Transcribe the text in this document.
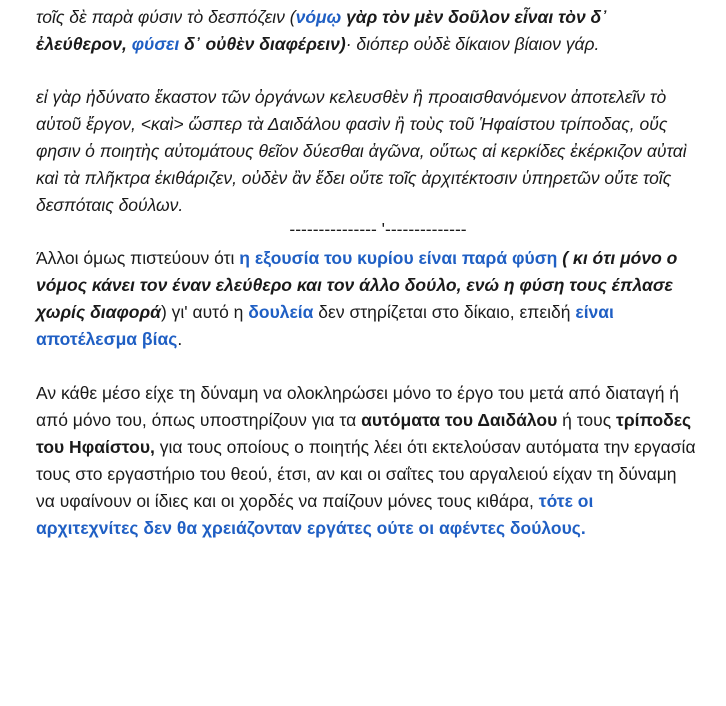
τοῖς δὲ παρὰ φύσιν τὸ δεσπόζειν (νόμῳ γὰρ τὸν μὲν δοῦλον εἶναι τὸν δ᾽ ἐλεύθερον, φύσει δ᾽ οὐθὲν διαφέρειν)· διόπερ οὐδὲ δίκαιον βίαιον γάρ.

εἰ γὰρ ἠδύνατο ἕκαστον τῶν ὀργάνων κελευσθὲν ἢ προαισθανόμενον ἀποτελεῖν τὸ αὑτοῦ ἔργον, <καὶ> ὥσπερ τὰ Δαιδάλου φασὶν ἢ τοὺς τοῦ Ἡφαίστου τρίποδας, οὕς φησιν ὁ ποιητὴς αὐτομάτους θεῖον δύεσθαι ἀγῶνα, οὕτως αἱ κερκίδες ἐκέρκιζον αὐταὶ καὶ τὰ πλῆκτρα ἐκιθάριζεν, οὐδὲν ἂν ἔδει οὔτε τοῖς ἀρχιτέκτοσιν ὑπηρετῶν οὔτε τοῖς δεσπόταις δούλων.

--------------- '--------------

Άλλοι όμως πιστεύουν ότι η εξουσία του κυρίου είναι παρά φύση ( κι ότι μόνο ο νόμος κάνει τον έναν ελεύθερο και τον άλλο δούλο, ενώ η φύση τους έπλασε χωρίς διαφορά) γι' αυτό η δουλεία δεν στηρίζεται στο δίκαιο, επειδή είναι αποτέλεσμα βίας.

Αν κάθε μέσο είχε τη δύναμη να ολοκληρώσει μόνο το έργο του μετά από διαταγή ή από μόνο του, όπως υποστηρίζουν για τα αυτόματα του Δαιδάλου ή τους τρίποδες του Ηφαίστου, για τους οποίους ο ποιητής λέει ότι εκτελούσαν αυτόματα την εργασία τους στο εργαστήριο του θεού, έτσι, αν και οι σαΐτες του αργαλειού είχαν τη δύναμη να υφαίνουν οι ίδιες και οι χορδές να παίζουν μόνες τους κιθάρα, τότε οι αρχιτεχνίτες δεν θα χρειάζονταν εργάτες ούτε οι αφέντες δούλους.
